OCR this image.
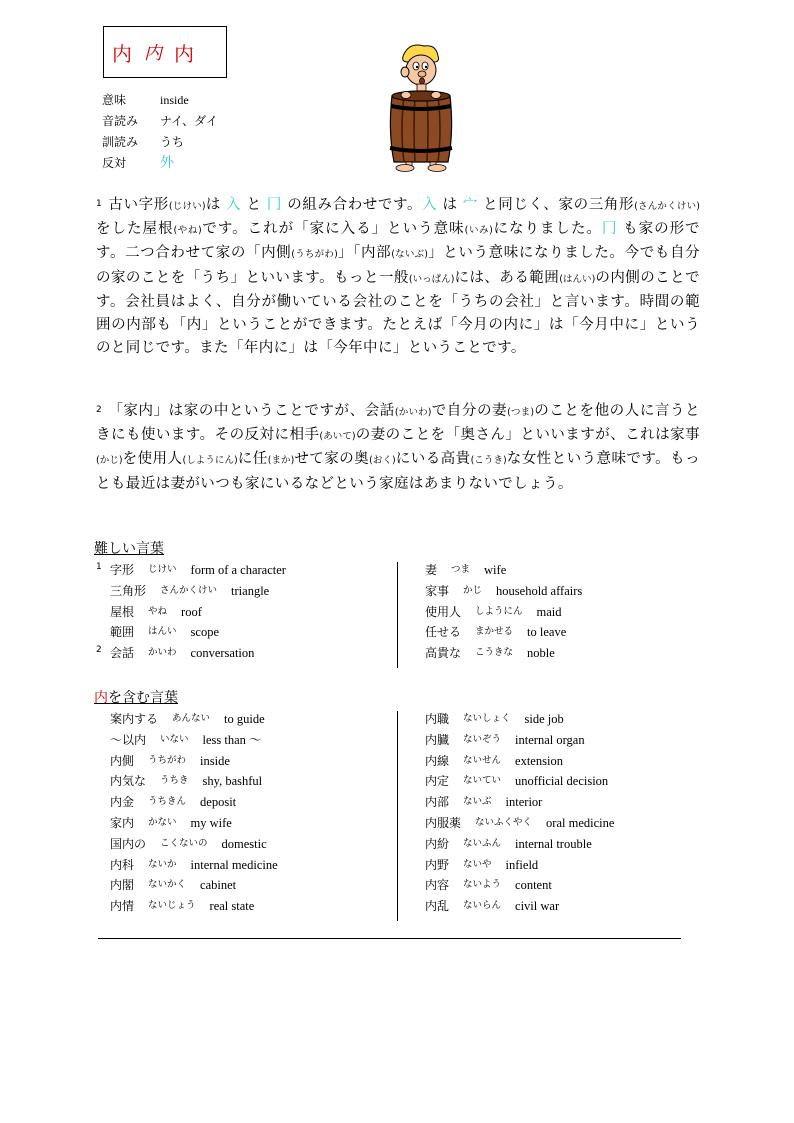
内 内 内
意味	inside
音読み	ナイ、ダイ
訓読み	うち
反対	外
$^1$ 古い字形(じけい)は 入 と 冂 の組み合わせです。入 は 宀 と同じく、家の三角形(さんかくけい)をした屋根(やね)です。これが「家に入る」という意味(いみ)になりました。冂 も家の形です。二つ合わせて家の「内側(うちがわ)」「内部(ないぶ)」という意味になりました。今でも自分の家のことを「うち」といいます。もっと一般(いっぱん)には、ある範囲(はんい)の内側のことです。会社員はよく、自分が働いている会社のことを「うちの会社」と言います。時間の範囲の内部も「内」ということができます。たとえば「今月の内に」は「今月中に」というのと同じです。また「年内に」は「今年中に」ということです。
$^2$ 「家内」は家の中ということですが、会話(かいわ)で自分の妻(つま)のことを他の人に言うときにも使います。その反対に相手(あいて)の妻のことを「奥さん」といいますが、これは家事(かじ)を使用人(しようにん)に任(まか)せて家の奥(おく)にいる高貴(こうき)な女性という意味です。もっとも最近は妻がいつも家にいるなどという家庭はあまりないでしょう。
難しい言葉
1 字形 じけい form of a character
三角形 さんかくけい triangle
屋根 やね roof
範囲 はんい scope
2 会話 かいわ conversation
妻 つま wife
家事 かじ household affairs
使用人 しようにん maid
任せる まかせる to leave
高貴な こうきな noble
内を含む言葉
案内する あんない to guide
～以内 いない less than ～
内側 うちがわ inside
内気な うちき shy, bashful
内金 うちきん deposit
家内 かない my wife
国内の こくないの domestic
内科 ないか internal medicine
内閣 ないかく cabinet
内情 ないじょう real state
内職 ないしょく side job
内臓 ないぞう internal organ
内線 ないせん extension
内定 ないてい unofficial decision
内部 ないぶ interior
内服薬 ないふくやく oral medicine
内紛 ないふん internal trouble
内野 ないや infield
内容 ないよう content
内乱 ないらん civil war
